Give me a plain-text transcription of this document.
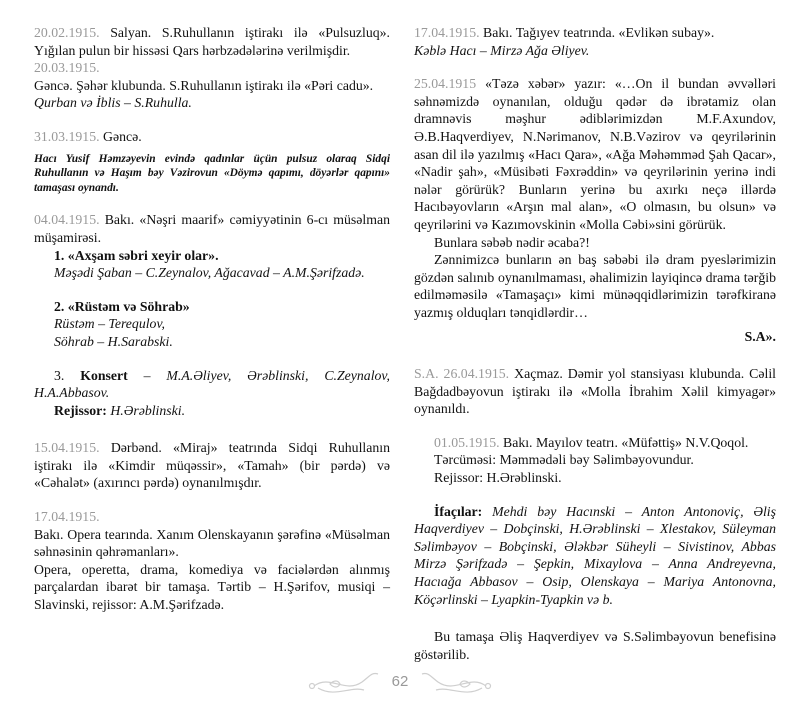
20.02.1915. Salyan. S.Ruhullanın iştirakı ilə «Pulsuzluq». Yığılan pulun bir hissəsi Qars hərbzədələrinə verilmişdir.

20.03.1915.

Gəncə. Şəhər klubunda. S.Ruhullanın iştirakı ilə «Pəri cadu».

Qurban və İblis – S.Ruhulla.

31.03.1915. Gəncə.

Hacı Yusif Həmzəyevin evində qadınlar üçün pulsuz olaraq Sidqi Ruhullanın və Haşım bəy Vəzirovun «Döymə qapımı, döyərlər qapını» tamaşası oynandı.

04.04.1915. Bakı. «Nəşri maarif» cəmiyyətinin 6-cı müsəlman müşamirəsi.

1. «Axşam səbri xeyir olar».

Məşədi Şaban – C.Zeynalov, Ağacavad – A.M.Şərifzadə.

2. «Rüstəm və Söhrab»

Rüstəm – Terequlov,

Söhrab – H.Sarabski.

3. Konsert – M.A.Əliyev, Ərəblinski, C.Zeynalov, H.A.Abbasov.

Rejissor: H.Ərəblinski.

15.04.1915. Dərbənd. «Miraj» teatrında Sidqi Ruhullanın iştirakı ilə «Kimdir müqəssir», «Tamah» (bir pərdə) və «Cəhalət» (axırıncı pərdə) oynanılmışdır.

17.04.1915.

Bakı. Opera tearında. Xanım Olenskayanın şərəfinə «Müsəlman səhnəsinin qəhrəmanları».

Opera, operetta, drama, komediya və faciələrdən alınmış parçalardan ibarət bir tamaşa. Tərtib – H.Şərifov, musiqi – Slavinski, rejissor: A.M.Şərifzadə.

17.04.1915. Bakı. Tağıyev teatrında. «Evlikən subay».

Kəblə Hacı – Mirzə Ağa Əliyev.

25.04.1915 «Təzə xəbər» yazır: «…On il bundan əvvəlləri səhnəmizdə oynanılan, olduğu qədər də ibrətamiz olan dramnəvis məşhur ədiblərimizdən M.F.Axundov, Ə.B.Haqverdiyev, N.Nərimanov, N.B.Vəzirov və qeyrilərinin asan dil ilə yazılmış «Hacı Qara», «Ağa Məhəmməd Şah Qacar», «Nadir şah», «Müsibəti Fəxrəddin» və qeyrilərinin yerinə indi nələr görürük? Bunların yerinə bu axırkı neçə illərdə Hacıbəyovların «Arşın mal alan», «O olmasın, bu olsun» və qeyrilərini və Kazımovskinin «Molla Cəbi»sini görürük.

Bunlara səbəb nədir əcaba?!

Zənnimizcə bunların ən baş səbəbi ilə dram pyeslərimizin gözdən salınıb oynanılmaması, əhalimizin layiqincə drama tərğib edilməməsilə «Tamaşaçı» kimi münəqqidlərimizin tərəfkiranə yazmış olduqları tənqidlərdir…

S.A».

S.A. 26.04.1915. Xaçmaz. Dəmir yol stansiyası klubunda. Cəlil Bağdadbəyovun iştirakı ilə «Molla İbrahim Xəlil kimyagər» oynanıldı.

01.05.1915. Bakı. Mayılov teatrı. «Müfəttiş» N.V.Qoqol.

Tərcüməsi: Məmmədəli bəy Səlimbəyovundur.

Rejissor: H.Ərəblinski.

İfaçılar: Mehdi bəy Hacınski – Anton Antonoviç, Əliş Haqverdiyev – Dobçinski, H.Ərəblinski – Xlestakov, Süleyman Səlimbəyov – Bobçinski, Ələkbər Süheyli – Sivistinov, Abbas Mirzə Şərifzadə – Şepkin, Mixaylova – Anna Andreyevna, Hacıağa Abbasov – Osip, Olenskaya – Mariya Antonovna, Köçərlinski – Lyapkin-Tyapkin və b.

Bu tamaşa Əliş Haqverdiyev və S.Səlimbəyovun benefisinə göstərilib.

62
